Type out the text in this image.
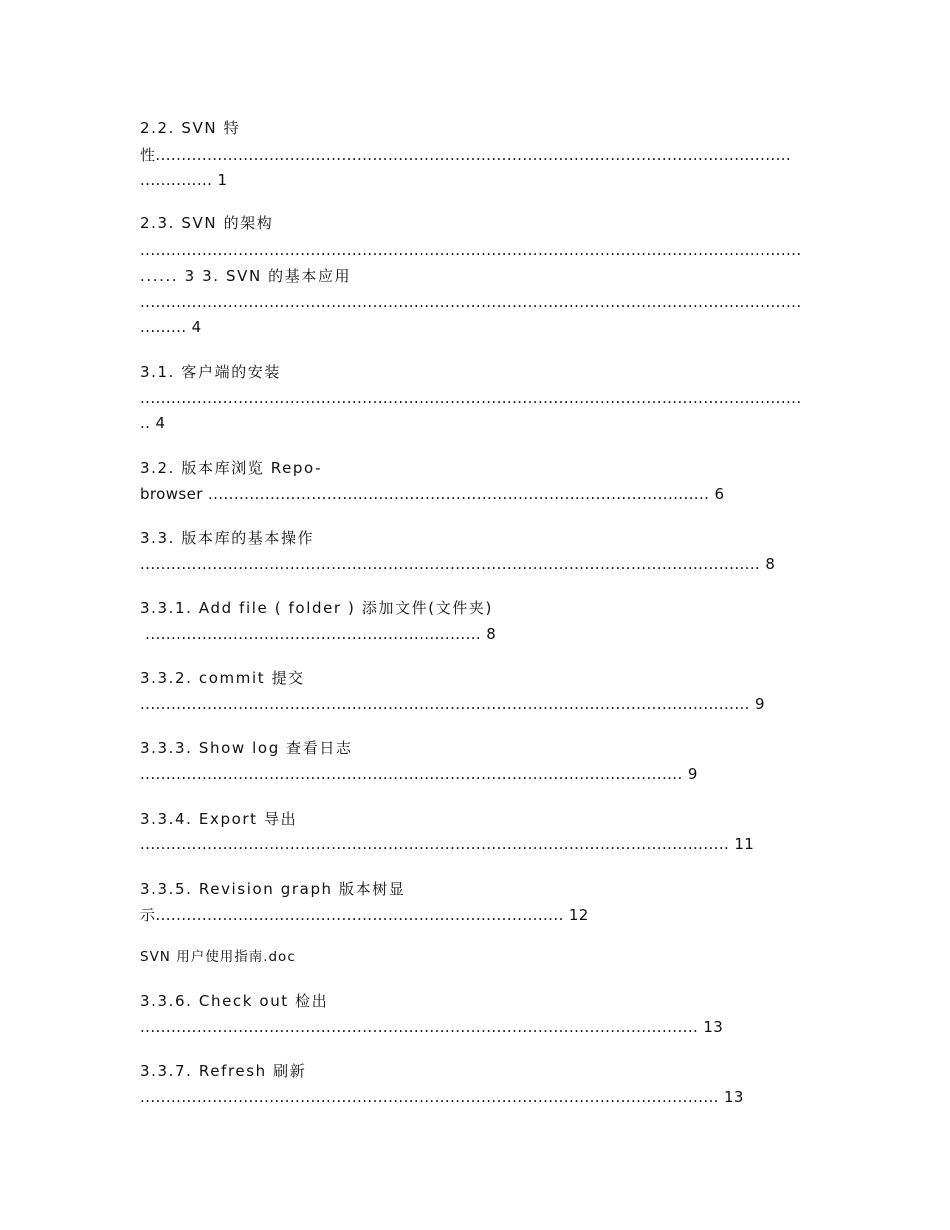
2.2. SVN 特
性...........................................................................................................................
.............. 1
2.3. SVN 的架构
................................................................................................................................
...... 3 3. SVN 的基本应用
................................................................................................................................
......... 4
3.1. 客户端的安装
................................................................................................................................
.. 4
3.2. 版本库浏览 Repo-
browser ................................................................................................. 6
3.3. 版本库的基本操作
........................................................................................................................ 8
3.3.1. Add file ( folder ) 添加文件(文件夹)
................................................................. 8
3.3.2. commit 提交
...................................................................................................................... 9
3.3.3. Show log 查看日志
......................................................................................................... 9
3.3.4. Export 导出
.................................................................................................................. 11
3.3.5. Revision graph 版本树显
示............................................................................... 12
SVN 用户使用指南.doc
3.3.6. Check out 检出
............................................................................................................ 13
3.3.7. Refresh 刷新
................................................................................................................ 13
